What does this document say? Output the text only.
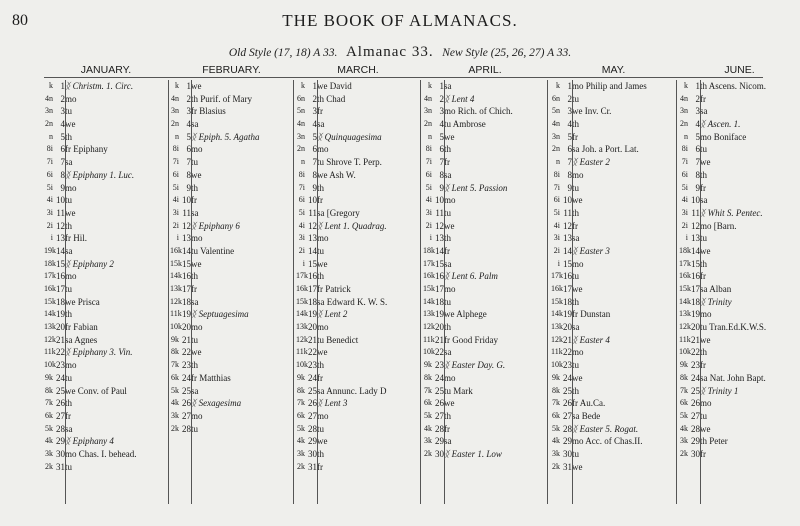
80	THE BOOK OF ALMANACS.
Old Style (17, 18) A 33. Almanac 33. New Style (25, 26, 27) A 33.
JANUARY.
k 1 ᛝ Christm. 1. Circ.
4n 2 mo
3n 3 tu
2n 4 we
n 5 th
8i 6 fr Epiphany
7i 7 sa
6i 8 ᛝ Epiphany 1. Luc.
5i 9 mo
4i 10 tu
3i 11 we
2i 12 th
i 13 fr Hil.
19k 14 sa
18k 15 ᛝ Epiphany 2
17k 16 mo
16k 17 tu
15k 18 we Prisca
14k 19 th
13k 20 fr Fabian
12k 21 sa Agnes
11k 22 ᛝ Epiphany 3. Vin.
10k 23 mo
9k 24 tu
8k 25 we Conv. of Paul
7k 26 th
6k 27 fr
5k 28 sa
4k 29 ᛝ Epiphany 4
3k 30 mo Chas. I. behead.
2k 31 tu
FEBRUARY.
k 1 we
4n 2 th Purif. of Mary
3n 3 fr Blasius
2n 4 sa
n 5 ᛝ Epiph. 5. Agatha
8i 6 mo
7i 7 tu
6i 8 we
5i 9 th
4i 10 fr
3i 11 sa
2i 12 ᛝ Epiphany 6
i 13 mo
16k 14 tu Valentine
15k 15 we
14k 16 th
13k 17 fr
12k 18 sa
11k 19 ᛝ Septuagesima
10k 20 mo
9k 21 tu
8k 22 we
7k 23 th
6k 24 fr Matthias
5k 25 sa
4k 26 ᛝ Sexagesima
3k 27 mo
2k 28 tu
MARCH.
k 1 we David
6n 2 th Chad
5n 3 fr
4n 4 sa
3n 5 ᛝ Quinquagesima
2n 6 mo
n 7 tu Shrove T. Perp.
8i 8 we Ash W.
7i 9 th
6i 10 fr
5i 11 sa [Gregory
4i 12 ᛝ Lent 1. Quadrag.
3i 13 mo
2i 14 tu
i 15 we
17k 16 th
16k 17 fr Patrick
15k 18 sa Edward K. W. S.
14k 19 ᛝ Lent 2
13k 20 mo
12k 21 tu Benedict
11k 22 we
10k 23 th
9k 24 fr
8k 25 sa Annunc. Lady D
7k 26 ᛝ Lent 3
6k 27 mo
5k 28 tu
4k 29 we
3k 30 th
2k 31 fr
APRIL.
k 1 sa
4n 2 ᛝ Lent 4
3n 3 mo Rich. of Chich.
2n 4 tu Ambrose
n 5 we
8i 6 th
7i 7 fr
6i 8 sa
5i 9 ᛝ Lent 5. Passion
4i 10 mo
3i 11 tu
2i 12 we
i 13 th
18k 14 fr
17k 15 sa
16k 16 ᛝ Lent 6. Palm
15k 17 mo
14k 18 tu
13k 19 we Alphege
12k 20 th
11k 21 fr Good Friday
10k 22 sa
9k 23 ᛝ Easter Day. G.
8k 24 mo
7k 25 tu Mark
6k 26 we
5k 27 th
4k 28 fr
3k 29 sa
2k 30 ᛝ Easter 1. Low
MAY.
k 1 mo Philip and James
6n 2 tu
5n 3 we Inv. Cr.
4n 4 th
3n 5 fr
2n 6 sa Joh. a Port. Lat.
n 7 ᛝ Easter 2
8i 8 mo
7i 9 tu
6i 10 we
5i 11 th
4i 12 fr
3i 13 sa
2i 14 ᛝ Easter 3
i 15 mo
17k 16 tu
16k 17 we
15k 18 th
14k 19 fr Dunstan
13k 20 sa
12k 21 ᛝ Easter 4
11k 22 mo
10k 23 tu
9k 24 we
8k 25 th
7k 26 fr Au.Ca.
6k 27 sa Bede
5k 28 ᛝ Easter 5. Rogat.
4k 29 mo Acc. of Chas.II.
3k 30 tu
2k 31 we
JUNE.
k 1 th Ascens. Nicom.
4n 2 fr
3n 3 sa
2n 4 ᛝ Ascen. 1.
n 5 mo Boniface
8i 6 tu
7i 7 we
6i 8 th
5i 9 fr
4i 10 sa
3i 11 ᛝ Whit S. Pentec.
2i 12 mo [Barn.
i 13 tu
18k 14 we
17k 15 th
16k 16 fr
15k 17 sa Alban
14k 18 ᛝ Trinity
13k 19 mo
12k 20 tu Tran.Ed.K.W.S.
11k 21 we
10k 22 th
9k 23 fr
8k 24 sa Nat. John Bapt.
7k 25 ᛝ Trinity 1
6k 26 mo
5k 27 tu
4k 28 we
3k 29 th Peter
2k 30 fr
